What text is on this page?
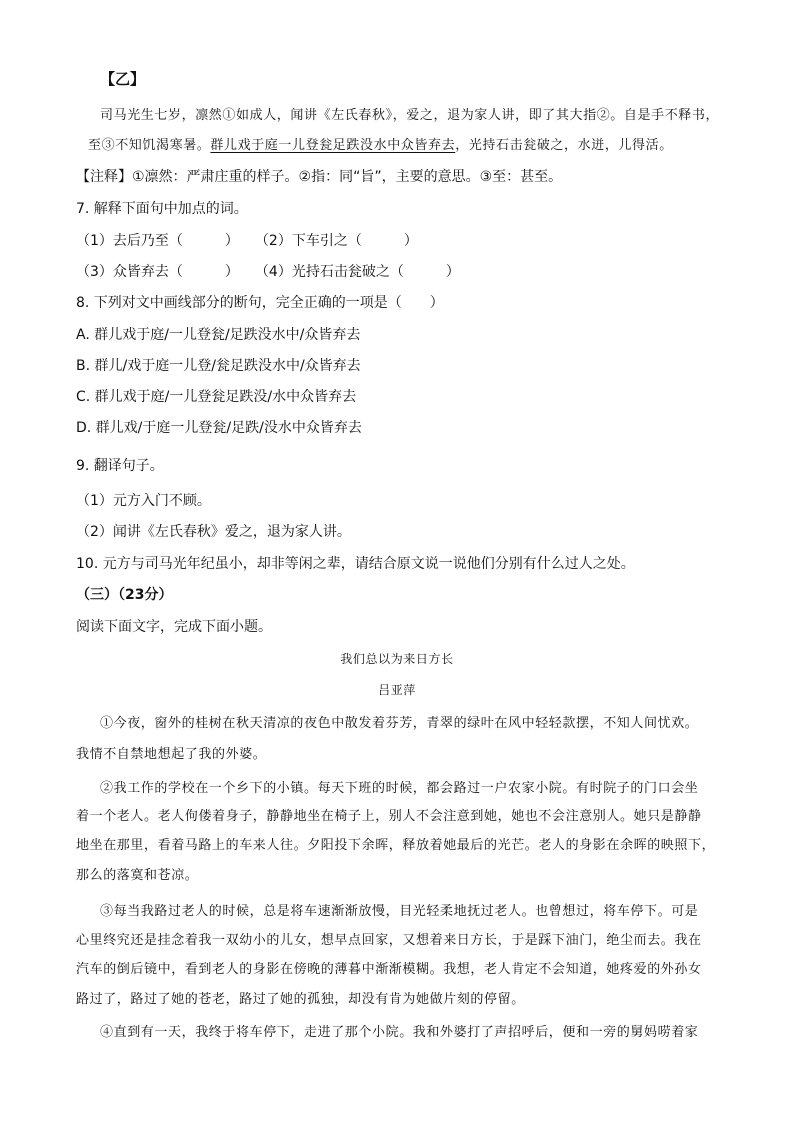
【乙】
司马光生七岁，凛然①如成人，闻讲《左氏春秋》，爱之，退为家人讲，即了其大指②。自是手不释书，
至③不知饥渴寒暑。群儿戏于庭一儿登瓮足跌没水中众皆弃去，光持石击瓮破之，水迸，儿得活。
【注释】①凛然：严肃庄重的样子。②指：同“旨”，主要的意思。③至：甚至。
7. 解释下面句中加点的词。
（1）去后乃至（　　　） （2）下车引之（　　　）
（3）众皆弃去（　　　） （4）光持石击瓮破之（　　　）
8. 下列对文中画线部分的断句，完全正确的一项是（　　）
A. 群儿戏于庭/一儿登瓮/足跌没水中/众皆弃去
B. 群儿/戏于庭一儿登/瓮足跌没水中/众皆弃去
C. 群儿戏于庭/一儿登瓮足跌没/水中众皆弃去
D. 群儿戏/于庭一儿登瓮/足跌/没水中众皆弃去
9. 翻译句子。
（1）元方入门不顾。
（2）闻讲《左氏春秋》爱之，退为家人讲。
10. 元方与司马光年纪虽小，却非等闲之辈，请结合原文说一说他们分别有什么过人之处。
（三）（23分）
阅读下面文字，完成下面小题。
我们总以为来日方长
吕亚萍
①今夜，窗外的桂树在秋天清凉的夜色中散发着芬芳，青翠的绿叶在风中轻轻款摆，不知人间忧欢。
我情不自禁地想起了我的外婆。
②我工作的学校在一个乡下的小镇。每天下班的时候，都会路过一户农家小院。有时院子的门口会坐
着一个老人。老人佝偻着身子，静静地坐在椅子上，别人不会注意到她，她也不会注意别人。她只是静静
地坐在那里，看着马路上的车来人往。夕阳投下余晖，释放着她最后的光芒。老人的身影在余晖的映照下，
那么的落寞和苍凉。
③每当我路过老人的时候，总是将车速渐渐放慢，目光轻柔地抚过老人。也曾想过，将车停下。可是
心里终究还是挂念着我一双幼小的儿女，想早点回家，又想着来日方长，于是踩下油门，绝尘而去。我在
汽车的倒后镜中，看到老人的身影在傍晚的薄暮中渐渐模糊。我想，老人肯定不会知道，她疼爱的外孙女
路过了，路过了她的苍老，路过了她的孤独，却没有肯为她做片刻的停留。
④直到有一天，我终于将车停下，走进了那个小院。我和外婆打了声招呼后，便和一旁的舅妈唠着家
